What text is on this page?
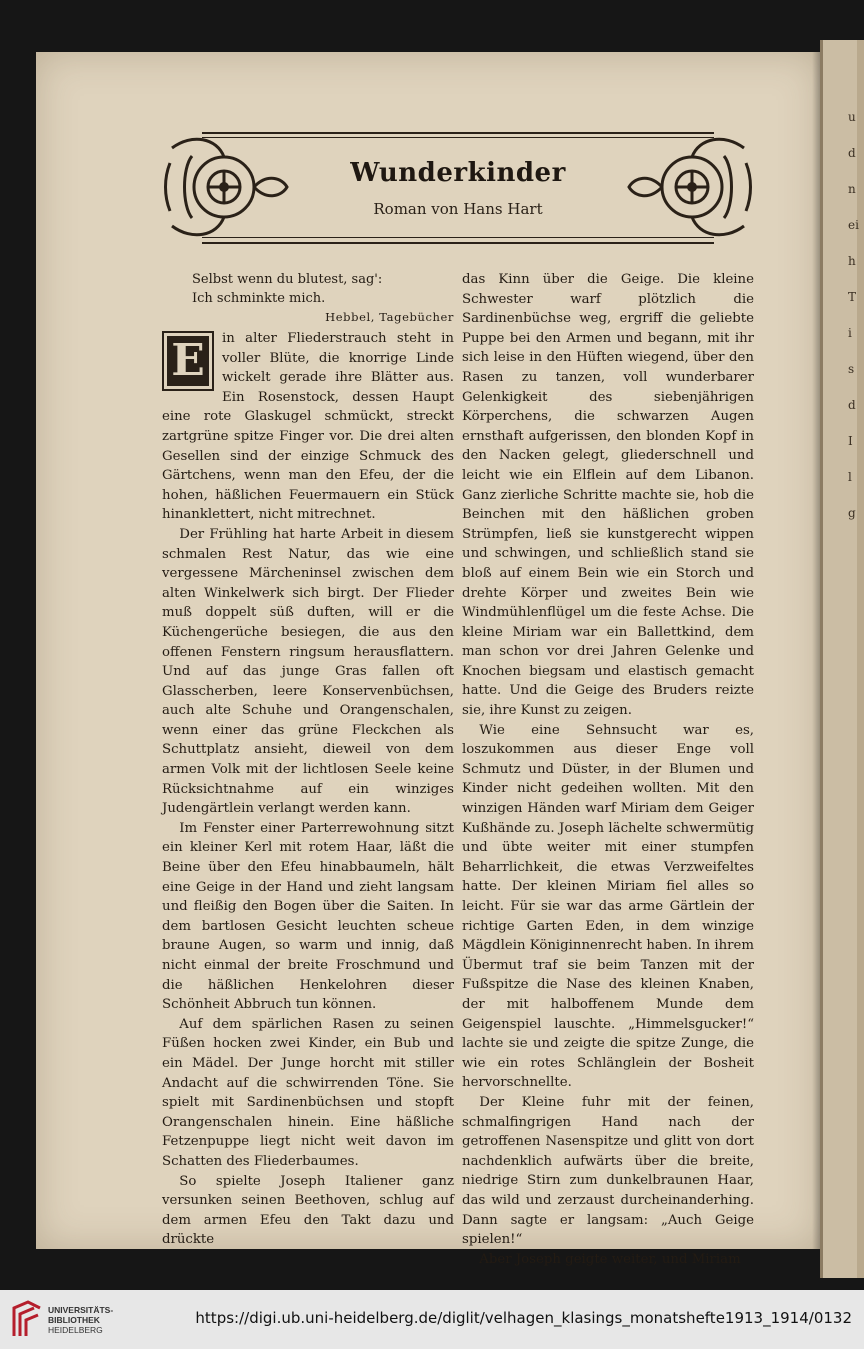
u
d
n
ei
h
T
i
s
d
I
l
g
Wunderkinder
Roman von Hans Hart
Selbst wenn du blutest, sag':
Ich schminkte mich.
Hebbel, Tagebücher

E	in alter Fliederstrauch steht in voller Blüte, die knorrige Linde wickelt gerade ihre Blätter aus. Ein Rosenstock, dessen Haupt eine rote Glaskugel schmückt, streckt zartgrüne spitze Finger vor. Die drei alten Gesellen sind der einzige Schmuck des Gärtchens, wenn man den Efeu, der die hohen, häßlichen Feuermauern ein Stück hinanklettert, nicht mitrechnet.

Der Frühling hat harte Arbeit in diesem schmalen Rest Natur, das wie eine vergessene Märcheninsel zwischen dem alten Winkelwerk sich birgt. Der Flieder muß doppelt süß duften, will er die Küchengerüche besiegen, die aus den offenen Fenstern ringsum herausflattern. Und auf das junge Gras fallen oft Glasscherben, leere Konservenbüchsen, auch alte Schuhe und Orangenschalen, wenn einer das grüne Fleckchen als Schuttplatz ansieht, dieweil von dem armen Volk mit der lichtlosen Seele keine Rücksichtnahme auf ein winziges Judengärtlein verlangt werden kann.

Im Fenster einer Parterrewohnung sitzt ein kleiner Kerl mit rotem Haar, läßt die Beine über den Efeu hinabbaumeln, hält eine Geige in der Hand und zieht langsam und fleißig den Bogen über die Saiten. In dem bartlosen Gesicht leuchten scheue braune Augen, so warm und innig, daß nicht einmal der breite Froschmund und die häßlichen Henkelohren dieser Schönheit Abbruch tun können.

Auf dem spärlichen Rasen zu seinen Füßen hocken zwei Kinder, ein Bub und ein Mädel. Der Junge horcht mit stiller Andacht auf die schwirrenden Töne. Sie spielt mit Sardinenbüchsen und stopft Orangenschalen hinein. Eine häßliche Fetzenpuppe liegt nicht weit davon im Schatten des Fliederbaumes.

So spielte Joseph Italiener ganz versunken seinen Beethoven, schlug auf dem armen Efeu den Takt dazu und drückte

das Kinn über die Geige. Die kleine Schwester warf plötzlich die Sardinenbüchse weg, ergriff die geliebte Puppe bei den Armen und begann, mit ihr sich leise in den Hüften wiegend, über den Rasen zu tanzen, voll wunderbarer Gelenkigkeit des siebenjährigen Körperchens, die schwarzen Augen ernsthaft aufgerissen, den blonden Kopf in den Nacken gelegt, gliederschnell und leicht wie ein Elflein auf dem Libanon. Ganz zierliche Schritte machte sie, hob die Beinchen mit den häßlichen groben Strümpfen, ließ sie kunstgerecht wippen und schwingen, und schließlich stand sie bloß auf einem Bein wie ein Storch und drehte Körper und zweites Bein wie Windmühlenflügel um die feste Achse. Die kleine Miriam war ein Ballettkind, dem man schon vor drei Jahren Gelenke und Knochen biegsam und elastisch gemacht hatte. Und die Geige des Bruders reizte sie, ihre Kunst zu zeigen.

Wie eine Sehnsucht war es, loszukommen aus dieser Enge voll Schmutz und Düster, in der Blumen und Kinder nicht gedeihen wollten. Mit den winzigen Händen warf Miriam dem Geiger Kußhände zu. Joseph lächelte schwermütig und übte weiter mit einer stumpfen Beharrlichkeit, die etwas Verzweifeltes hatte. Der kleinen Miriam fiel alles so leicht. Für sie war das arme Gärtlein der richtige Garten Eden, in dem winzige Mägdlein Königinnenrecht haben. In ihrem Übermut traf sie beim Tanzen mit der Fußspitze die Nase des kleinen Knaben, der mit halboffenem Munde dem Geigenspiel lauschte. „Himmelsgucker!“ lachte sie und zeigte die spitze Zunge, die wie ein rotes Schlänglein der Bosheit hervorschnellte.

Der Kleine fuhr mit der feinen, schmalfingrigen Hand nach der getroffenen Nasenspitze und glitt von dort nachdenklich aufwärts über die breite, niedrige Stirn zum dunkelbraunen Haar, das wild und zerzaust durcheinanderhing. Dann sagte er langsam: „Auch Geige spielen!“

Aber Joseph geigte weiter, und Miriam

UNIVERSITÄTS-
BIBLIOTHEK
HEIDELBERG
https://digi.ub.uni-heidelberg.de/diglit/velhagen_klasings_monatshefte1913_1914/0132
